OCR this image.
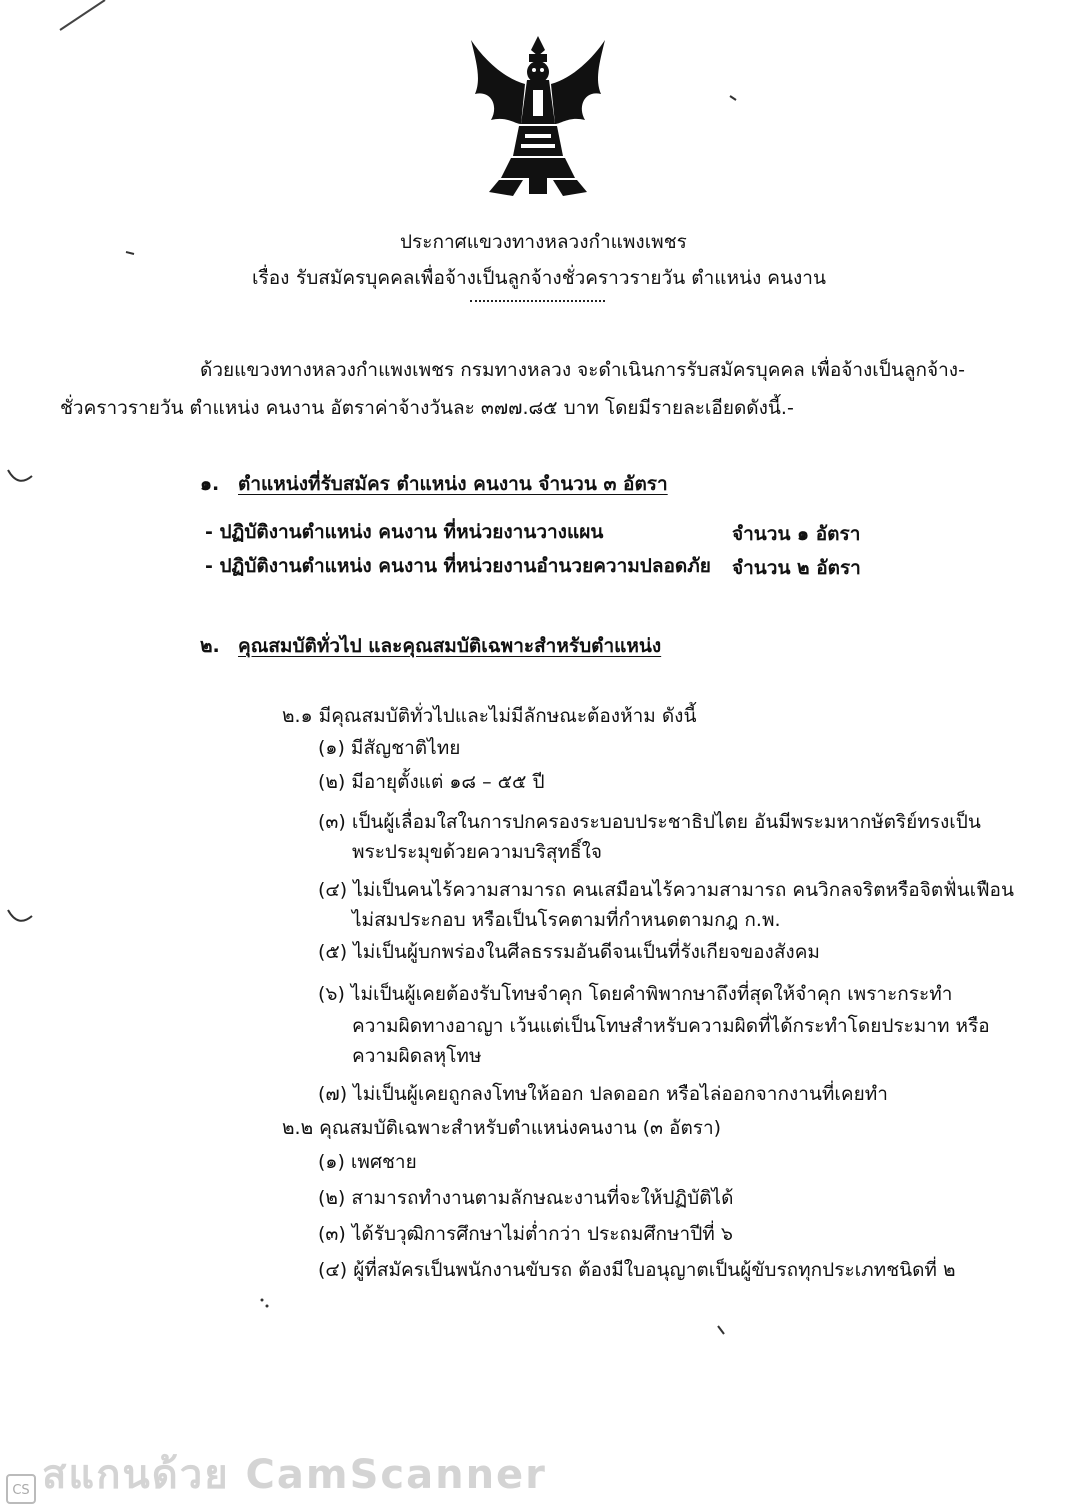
ประกาศแขวงทางหลวงกำแพงเพชร
เรื่อง รับสมัครบุคคลเพื่อจ้างเป็นลูกจ้างชั่วคราวรายวัน ตำแหน่ง คนงาน
ด้วยแขวงทางหลวงกำแพงเพชร กรมทางหลวง จะดำเนินการรับสมัครบุคคล เพื่อจ้างเป็นลูกจ้าง-
ชั่วคราวรายวัน ตำแหน่ง คนงาน อัตราค่าจ้างวันละ ๓๗๗.๘๕ บาท โดยมีรายละเอียดดังนี้.-
๑. ตำแหน่งที่รับสมัคร ตำแหน่ง คนงาน จำนวน ๓ อัตรา
- ปฏิบัติงานตำแหน่ง คนงาน ที่หน่วยงานวางแผน	จำนวน ๑ อัตรา
- ปฏิบัติงานตำแหน่ง คนงาน ที่หน่วยงานอำนวยความปลอดภัย จำนวน ๒ อัตรา
๒. คุณสมบัติทั่วไป และคุณสมบัติเฉพาะสำหรับตำแหน่ง
๒.๑ มีคุณสมบัติทั่วไปและไม่มีลักษณะต้องห้าม ดังนี้
(๑) มีสัญชาติไทย
(๒) มีอายุตั้งแต่ ๑๘ – ๕๕ ปี
(๓) เป็นผู้เลื่อมใสในการปกครองระบอบประชาธิปไตย อันมีพระมหากษัตริย์ทรงเป็น
พระประมุขด้วยความบริสุทธิ์ใจ
(๔) ไม่เป็นคนไร้ความสามารถ คนเสมือนไร้ความสามารถ คนวิกลจริตหรือจิตฟั่นเฟือน
ไม่สมประกอบ หรือเป็นโรคตามที่กำหนดตามกฎ ก.พ.
(๕) ไม่เป็นผู้บกพร่องในศีลธรรมอันดีจนเป็นที่รังเกียจของสังคม
(๖) ไม่เป็นผู้เคยต้องรับโทษจำคุก โดยคำพิพากษาถึงที่สุดให้จำคุก เพราะกระทำ
ความผิดทางอาญา เว้นแต่เป็นโทษสำหรับความผิดที่ได้กระทำโดยประมาท หรือ
ความผิดลหุโทษ
(๗) ไม่เป็นผู้เคยถูกลงโทษให้ออก ปลดออก หรือไล่ออกจากงานที่เคยทำ
๒.๒ คุณสมบัติเฉพาะสำหรับตำแหน่งคนงาน (๓ อัตรา)
(๑) เพศชาย
(๒) สามารถทำงานตามลักษณะงานที่จะให้ปฏิบัติได้
(๓) ได้รับวุฒิการศึกษาไม่ต่ำกว่า ประถมศึกษาปีที่ ๖
(๔) ผู้ที่สมัครเป็นพนักงานขับรถ ต้องมีใบอนุญาตเป็นผู้ขับรถทุกประเภทชนิดที่ ๒
CS สแกนด้วย CamScanner
